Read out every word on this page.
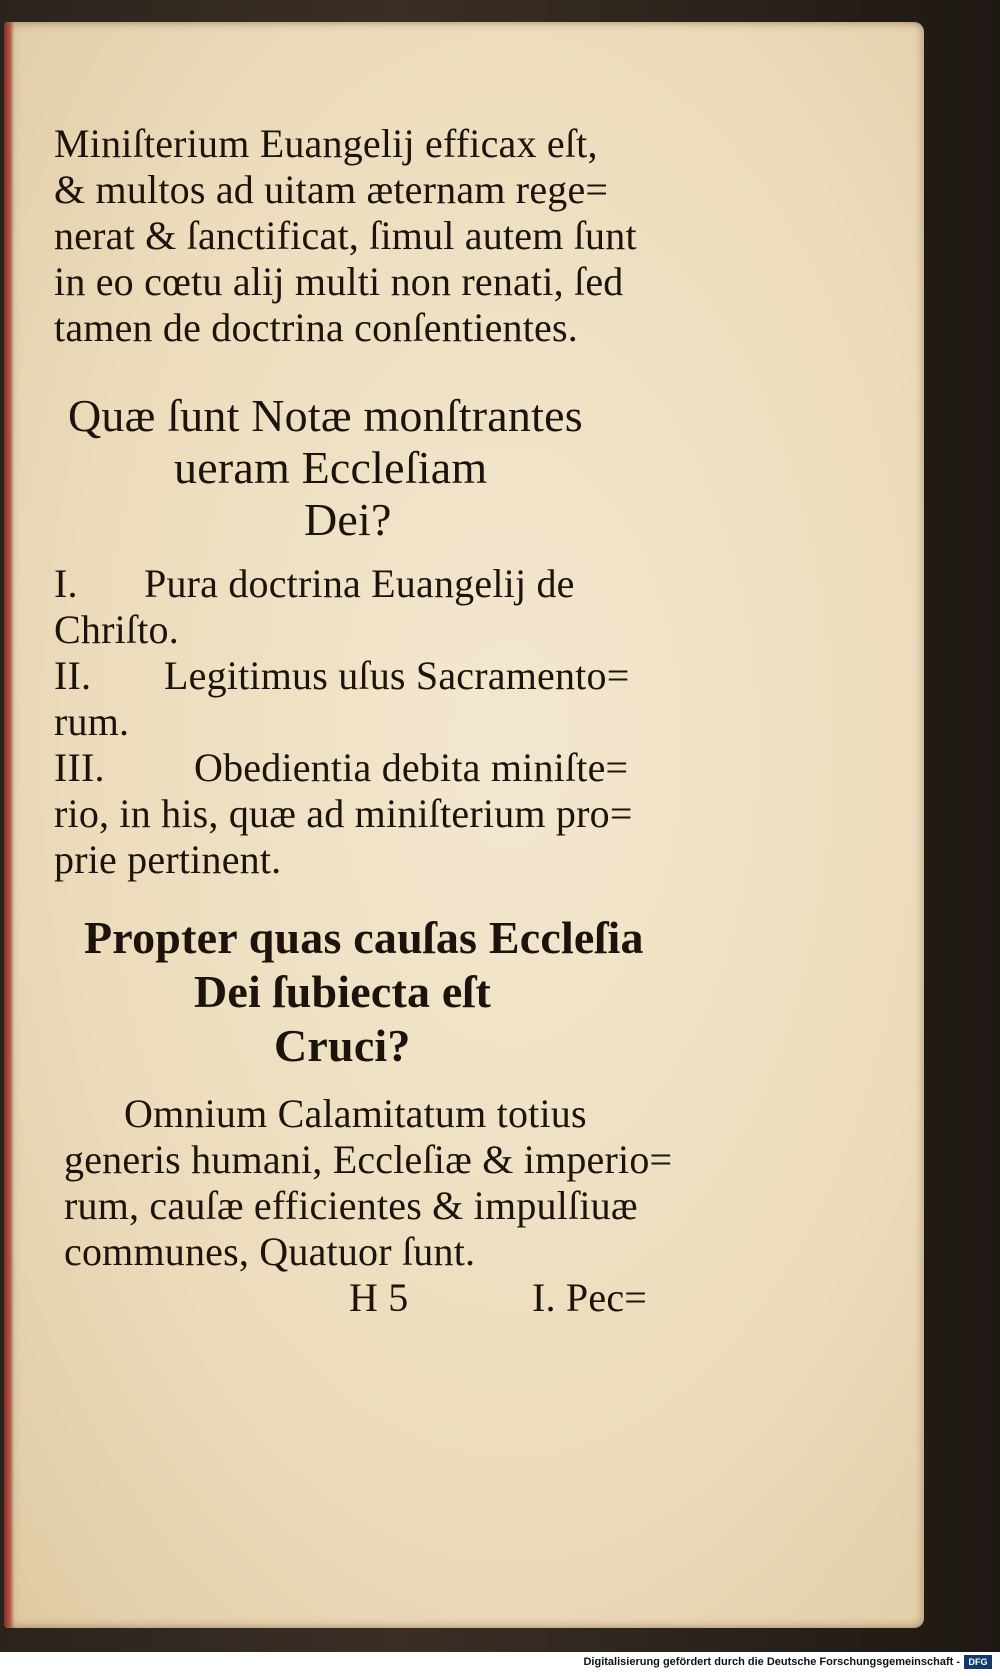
Miniſterium Euangelij efficax eſt,
& multos ad uitam æternam rege=
nerat & ſanctificat, ſimul autem ſunt
in eo cœtu alij multi non renati, ſed
tamen de doctrina conſentientes.
Quæ ſunt Notæ monſtrantes
ueram Eccleſiam
Dei?
I. Pura doctrina Euangelij de
Chriſto.
II. Legitimus uſus Sacramento=
rum.
III. Obedientia debita miniſte=
rio, in his, quæ ad miniſterium pro=
prie pertinent.
Propter quas cauſas Eccleſia
Dei ſubiecta eſt
Cruci?
Omnium Calamitatum totius
generis humani, Eccleſiæ & imperio=
rum, cauſæ efficientes & impulſiuæ
communes, Quatuor ſunt.
H 5	I. Pec=
Digitalisierung gefördert durch die Deutsche Forschungsgemeinschaft - DFG
